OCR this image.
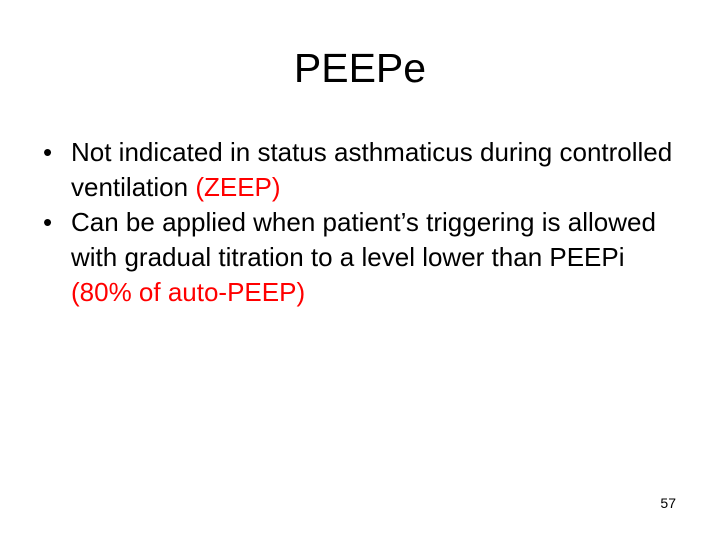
PEEPe
• Not indicated in status asthmaticus during controlled ventilation (ZEEP)
• Can be applied when patient’s triggering is allowed with gradual titration to a level lower than PEEPi (80% of auto-PEEP)
57
